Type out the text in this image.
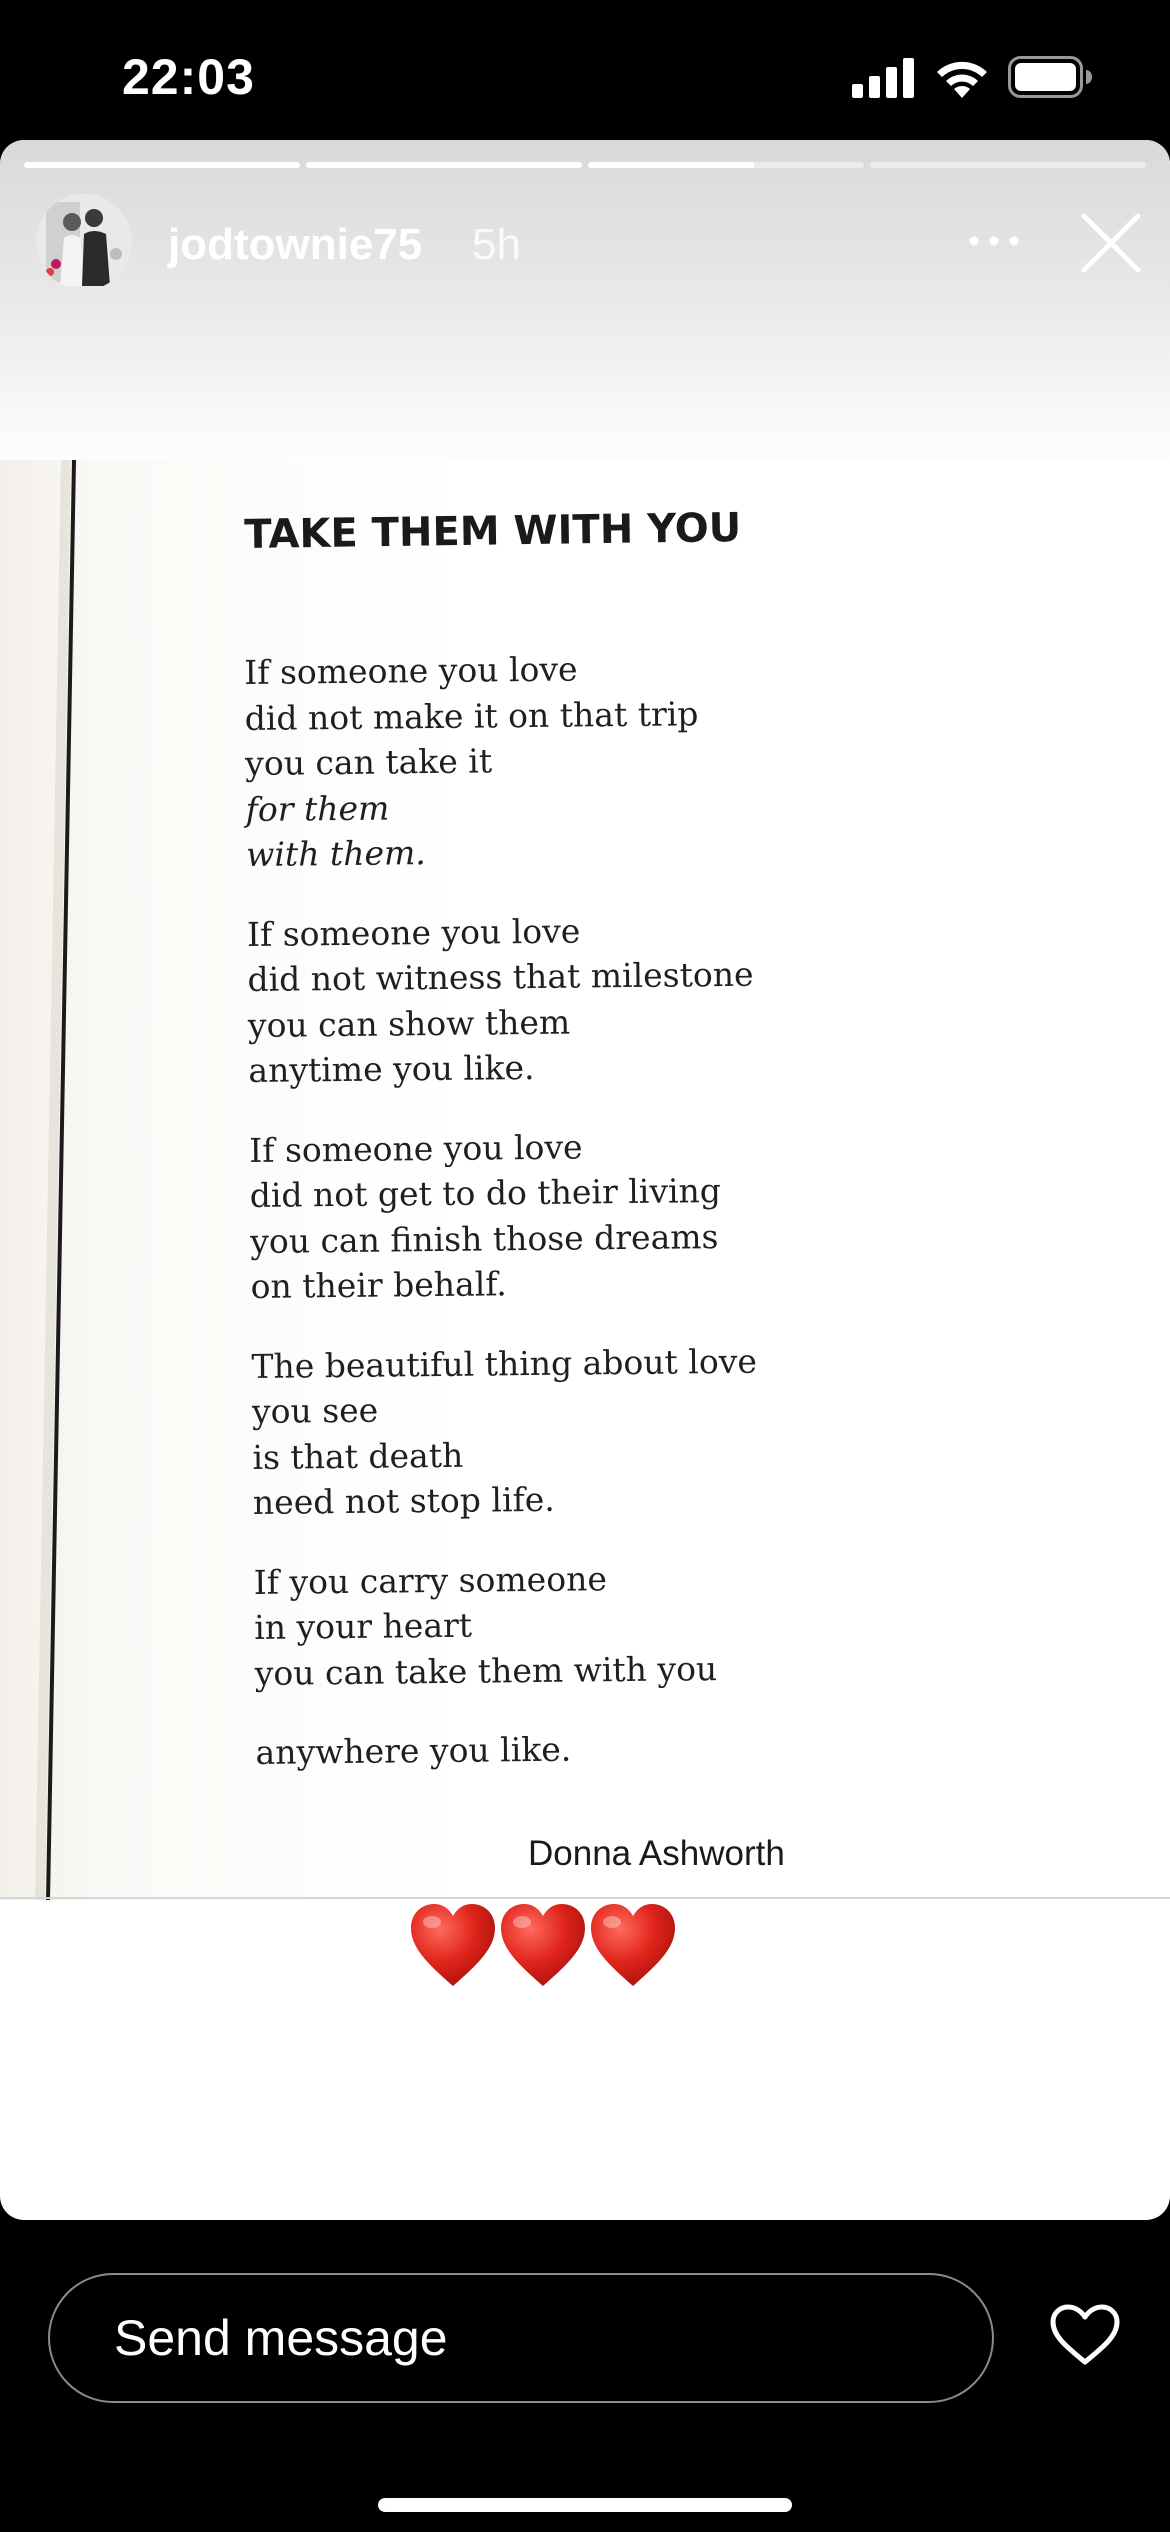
22:03
TAKE THEM WITH YOU
If someone you love
did not make it on that trip
you can take it
for them
with them.
If someone you love
did not witness that milestone
you can show them
anytime you like.
If someone you love
did not get to do their living
you can finish those dreams
on their behalf.
The beautiful thing about love
you see
is that death
need not stop life.
If you carry someone
in your heart
you can take them with you
anywhere you like.
Donna Ashworth
jodtownie75 5h
Send message
